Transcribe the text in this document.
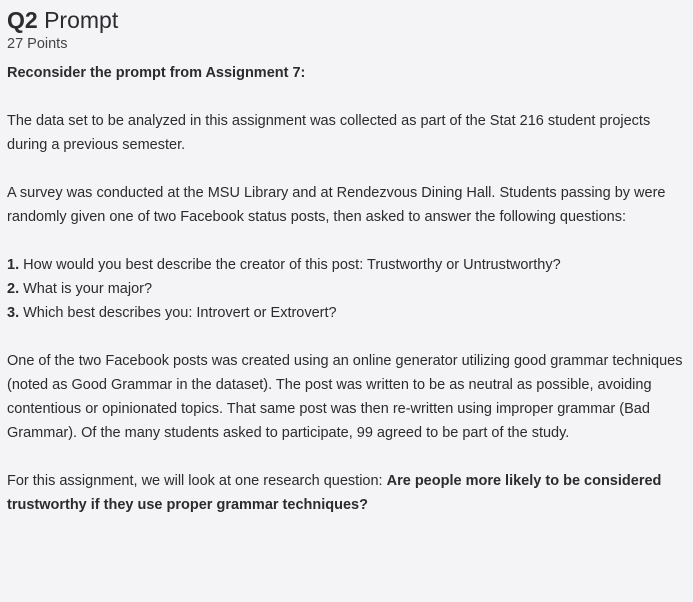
Q2 Prompt
27 Points

Reconsider the prompt from Assignment 7:

The data set to be analyzed in this assignment was collected as part of the Stat 216 student projects during a previous semester.

A survey was conducted at the MSU Library and at Rendezvous Dining Hall. Students passing by were randomly given one of two Facebook status posts, then asked to answer the following questions:

1. How would you best describe the creator of this post: Trustworthy or Untrustworthy?
2. What is your major?
3. Which best describes you: Introvert or Extrovert?

One of the two Facebook posts was created using an online generator utilizing good grammar techniques (noted as Good Grammar in the dataset). The post was written to be as neutral as possible, avoiding contentious or opinionated topics. That same post was then re-written using improper grammar (Bad Grammar). Of the many students asked to participate, 99 agreed to be part of the study.

For this assignment, we will look at one research question: Are people more likely to be considered trustworthy if they use proper grammar techniques?
